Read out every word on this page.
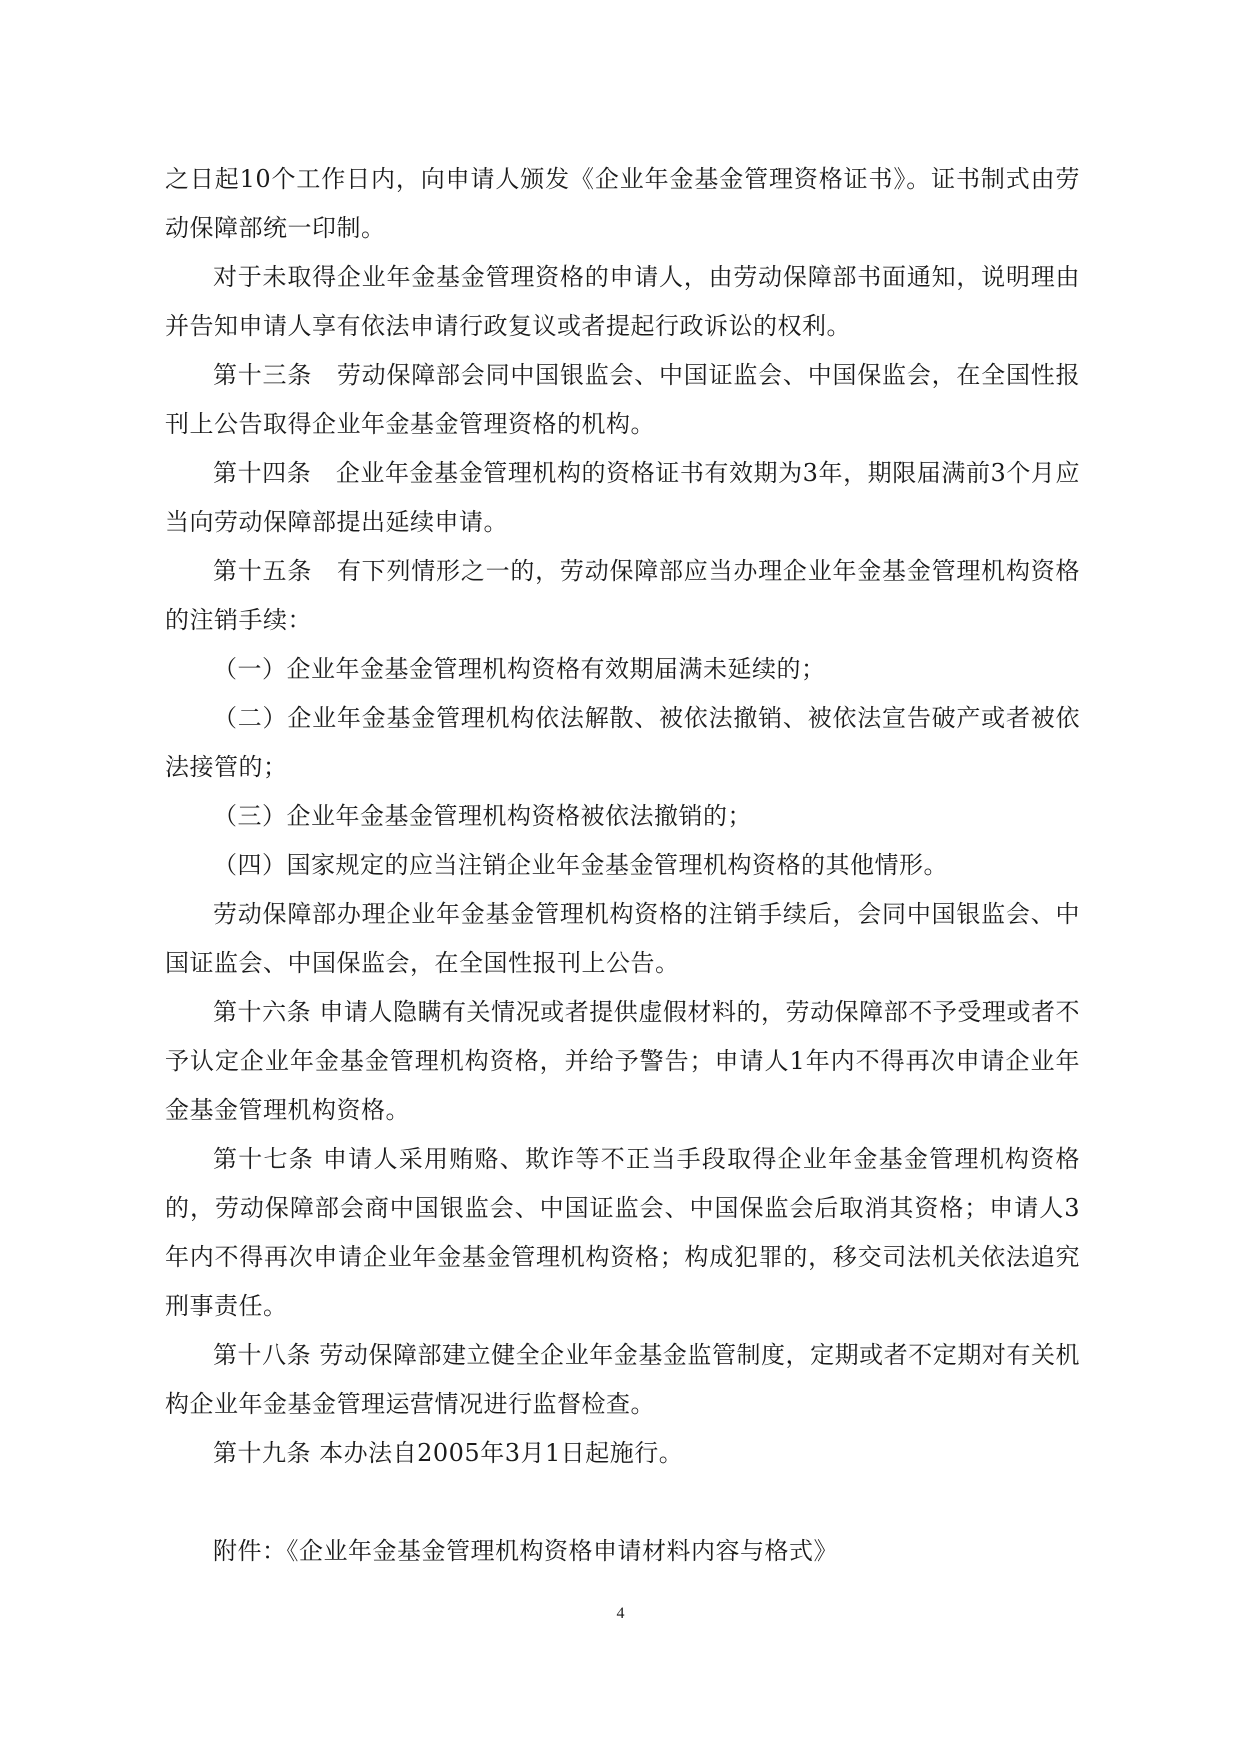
之日起10个工作日内，向申请人颁发《企业年金基金管理资格证书》。证书制式由劳动保障部统一印制。

对于未取得企业年金基金管理资格的申请人，由劳动保障部书面通知，说明理由并告知申请人享有依法申请行政复议或者提起行政诉讼的权利。

第十三条　劳动保障部会同中国银监会、中国证监会、中国保监会，在全国性报刊上公告取得企业年金基金管理资格的机构。

第十四条　企业年金基金管理机构的资格证书有效期为3年，期限届满前3个月应当向劳动保障部提出延续申请。

第十五条　有下列情形之一的，劳动保障部应当办理企业年金基金管理机构资格的注销手续：

（一）企业年金基金管理机构资格有效期届满未延续的；

（二）企业年金基金管理机构依法解散、被依法撤销、被依法宣告破产或者被依法接管的；

（三）企业年金基金管理机构资格被依法撤销的；

（四）国家规定的应当注销企业年金基金管理机构资格的其他情形。

劳动保障部办理企业年金基金管理机构资格的注销手续后，会同中国银监会、中国证监会、中国保监会，在全国性报刊上公告。

第十六条 申请人隐瞒有关情况或者提供虚假材料的，劳动保障部不予受理或者不予认定企业年金基金管理机构资格，并给予警告；申请人1年内不得再次申请企业年金基金管理机构资格。

第十七条 申请人采用贿赂、欺诈等不正当手段取得企业年金基金管理机构资格的，劳动保障部会商中国银监会、中国证监会、中国保监会后取消其资格；申请人3年内不得再次申请企业年金基金管理机构资格；构成犯罪的，移交司法机关依法追究刑事责任。

第十八条 劳动保障部建立健全企业年金基金监管制度，定期或者不定期对有关机构企业年金基金管理运营情况进行监督检查。

第十九条 本办法自2005年3月1日起施行。

附件：《企业年金基金管理机构资格申请材料内容与格式》

4
